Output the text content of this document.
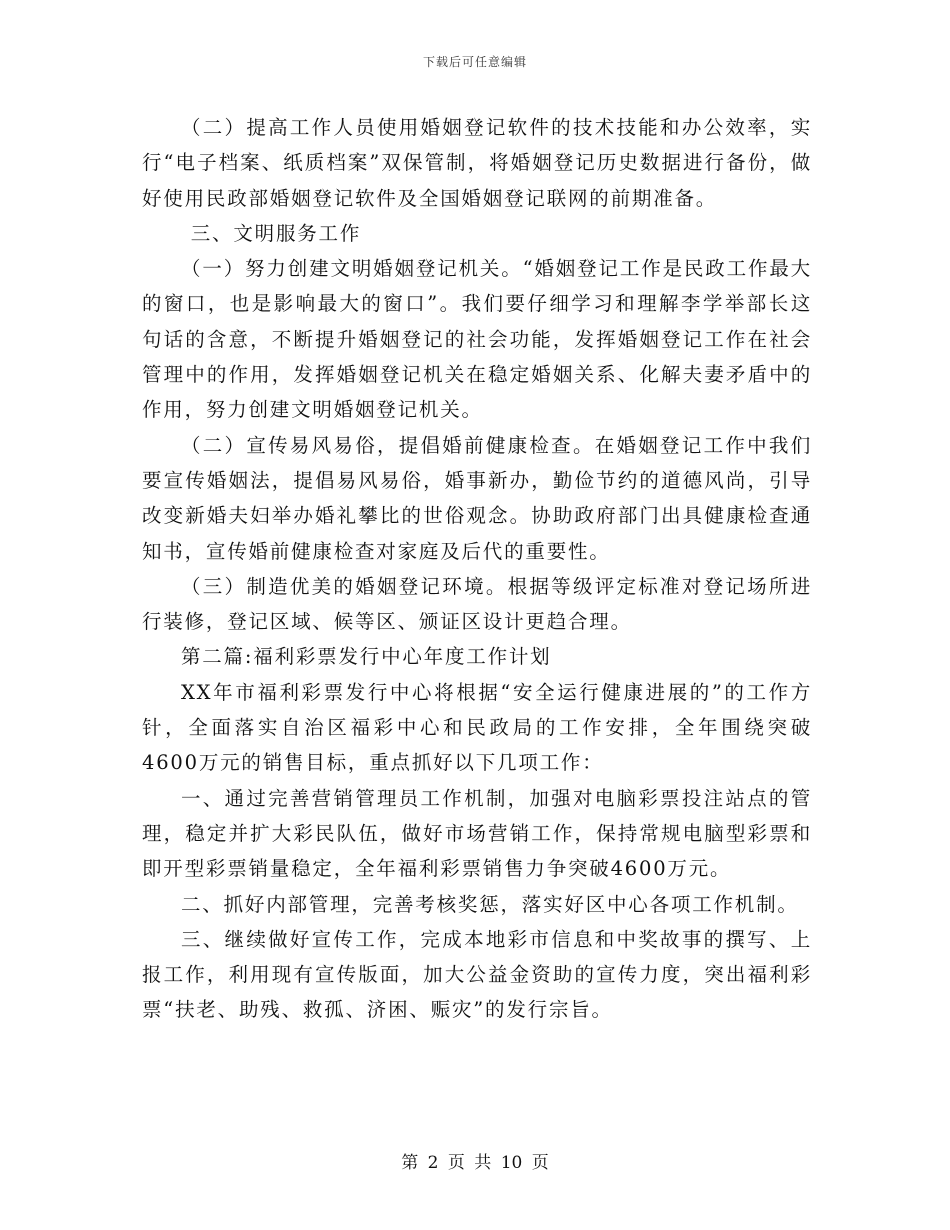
下载后可任意编辑

（二）提高工作人员使用婚姻登记软件的技术技能和办公效率，实行“电子档案、纸质档案”双保管制，将婚姻登记历史数据进行备份，做好使用民政部婚姻登记软件及全国婚姻登记联网的前期准备。

三、文明服务工作

（一）努力创建文明婚姻登记机关。“婚姻登记工作是民政工作最大的窗口，也是影响最大的窗口”。我们要仔细学习和理解李学举部长这句话的含意，不断提升婚姻登记的社会功能，发挥婚姻登记工作在社会管理中的作用，发挥婚姻登记机关在稳定婚姻关系、化解夫妻矛盾中的作用，努力创建文明婚姻登记机关。

（二）宣传易风易俗，提倡婚前健康检查。在婚姻登记工作中我们要宣传婚姻法，提倡易风易俗，婚事新办，勤俭节约的道德风尚，引导改变新婚夫妇举办婚礼攀比的世俗观念。协助政府部门出具健康检查通知书，宣传婚前健康检查对家庭及后代的重要性。

（三）制造优美的婚姻登记环境。根据等级评定标准对登记场所进行装修，登记区域、候等区、颁证区设计更趋合理。

第二篇:福利彩票发行中心年度工作计划

XX年市福利彩票发行中心将根据“安全运行健康进展的”的工作方针，全面落实自治区福彩中心和民政局的工作安排，全年围绕突破4600万元的销售目标，重点抓好以下几项工作：

一、通过完善营销管理员工作机制，加强对电脑彩票投注站点的管理，稳定并扩大彩民队伍，做好市场营销工作，保持常规电脑型彩票和即开型彩票销量稳定，全年福利彩票销售力争突破4600万元。

二、抓好内部管理，完善考核奖惩，落实好区中心各项工作机制。

三、继续做好宣传工作，完成本地彩市信息和中奖故事的撰写、上报工作，利用现有宣传版面，加大公益金资助的宣传力度，突出福利彩票“扶老、助残、救孤、济困、赈灾”的发行宗旨。

第 2 页 共 10 页
